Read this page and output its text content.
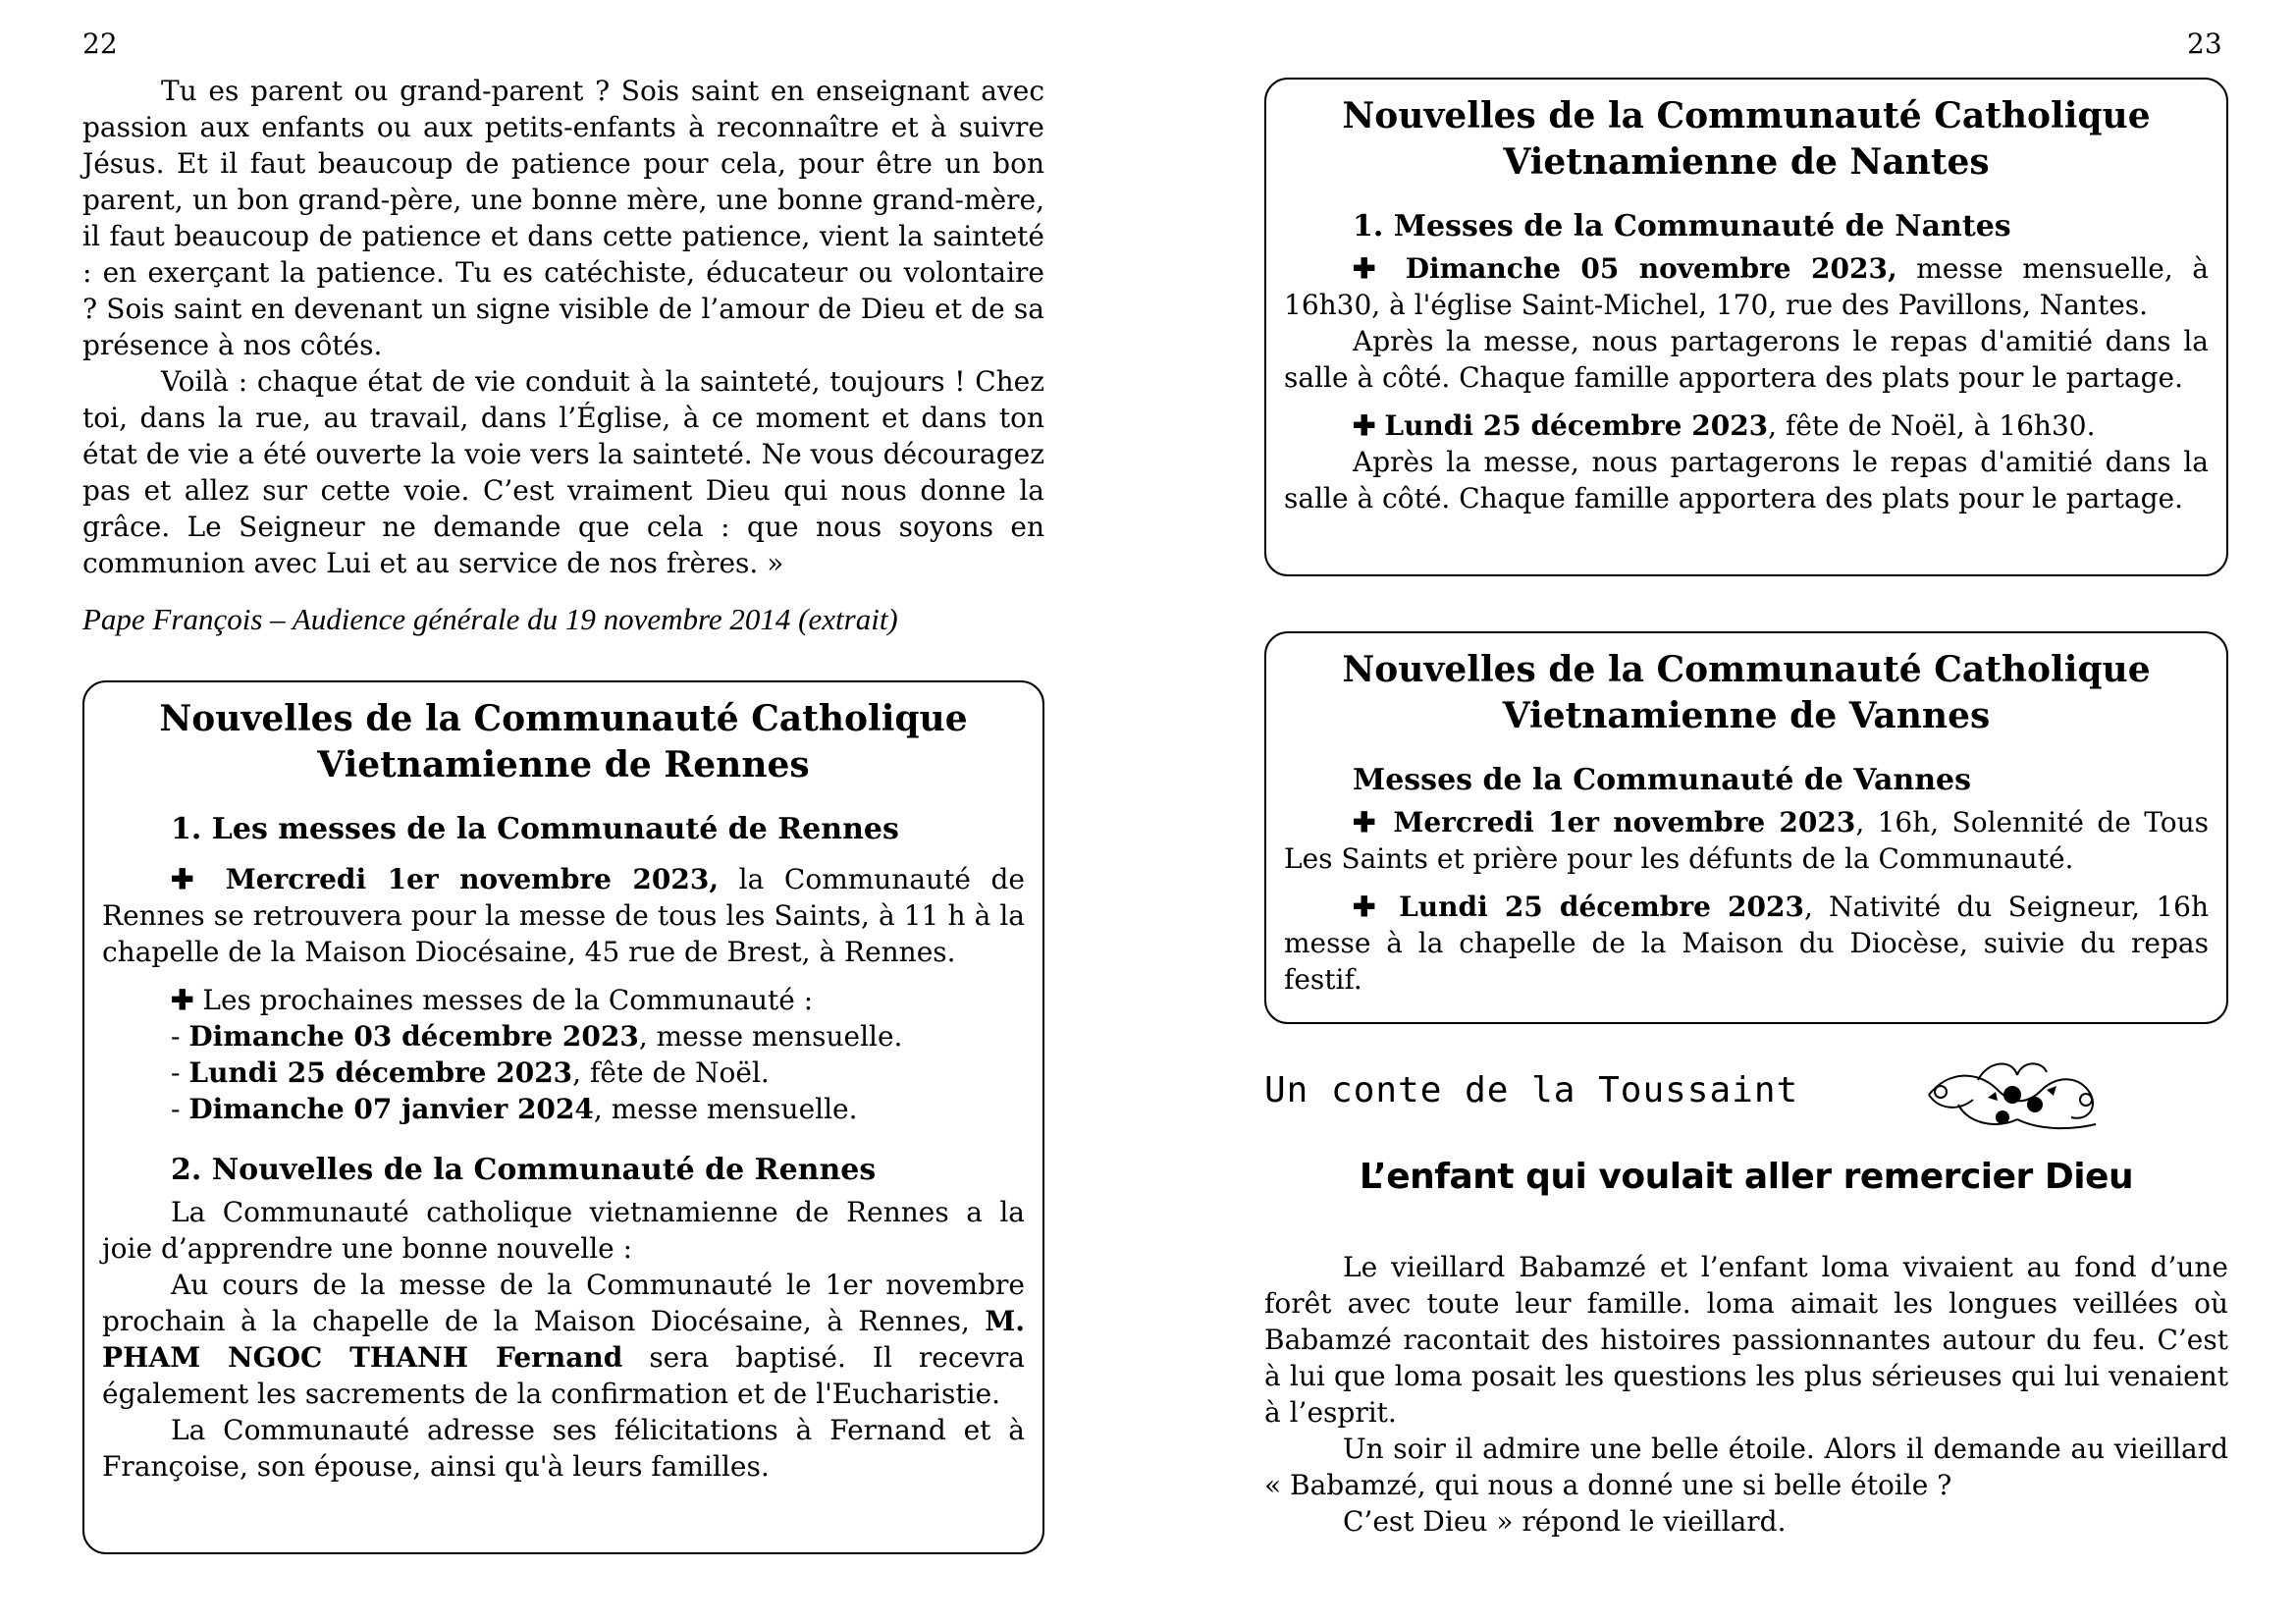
22	23

Tu es parent ou grand-parent ? Sois saint en enseignant avec passion aux enfants ou aux petits-enfants à reconnaître et à suivre Jésus. Et il faut beaucoup de patience pour cela, pour être un bon parent, un bon grand-père, une bonne mère, une bonne grand-mère, il faut beaucoup de patience et dans cette patience, vient la sainteté : en exerçant la patience. Tu es catéchiste, éducateur ou volontaire ? Sois saint en devenant un signe visible de l’amour de Dieu et de sa présence à nos côtés.

Voilà : chaque état de vie conduit à la sainteté, toujours ! Chez toi, dans la rue, au travail, dans l’Église, à ce moment et dans ton état de vie a été ouverte la voie vers la sainteté. Ne vous découragez pas et allez sur cette voie. C’est vraiment Dieu qui nous donne la grâce. Le Seigneur ne demande que cela : que nous soyons en communion avec Lui et au service de nos frères. »

Pape François – Audience générale du 19 novembre 2014 (extrait)

Nouvelles de la Communauté Catholique
Vietnamienne de Rennes
1. Les messes de la Communauté de Rennes

✚ Mercredi 1er novembre 2023, la Communauté de Rennes se retrouvera pour la messe de tous les Saints, à 11 h à la chapelle de la Maison Diocésaine, 45 rue de Brest, à Rennes.

✚ Les prochaines messes de la Communauté :

- Dimanche 03 décembre 2023, messe mensuelle.
- Lundi 25 décembre 2023, fête de Noël.
- Dimanche 07 janvier 2024, messe mensuelle.
2. Nouvelles de la Communauté de Rennes

La Communauté catholique vietnamienne de Rennes a la joie d’apprendre une bonne nouvelle :

Au cours de la messe de la Communauté le 1er novembre prochain à la chapelle de la Maison Diocésaine, à Rennes, M. PHAM NGOC THANH Fernand sera baptisé. Il recevra également les sacrements de la confirmation et de l'Eucharistie.

La Communauté adresse ses félicitations à Fernand et à Françoise, son épouse, ainsi qu'à leurs familles.

Nouvelles de la Communauté Catholique
Vietnamienne de Nantes
1. Messes de la Communauté de Nantes

✚ Dimanche 05 novembre 2023, messe mensuelle, à 16h30, à l'église Saint-Michel, 170, rue des Pavillons, Nantes.

Après la messe, nous partagerons le repas d'amitié dans la salle à côté. Chaque famille apportera des plats pour le partage.

✚ Lundi 25 décembre 2023, fête de Noël, à 16h30.

Après la messe, nous partagerons le repas d'amitié dans la salle à côté. Chaque famille apportera des plats pour le partage.

Nouvelles de la Communauté Catholique
Vietnamienne de Vannes
Messes de la Communauté de Vannes

✚ Mercredi 1er novembre 2023, 16h, Solennité de Tous Les Saints et prière pour les défunts de la Communauté.

✚ Lundi 25 décembre 2023, Nativité du Seigneur, 16h messe à la chapelle de la Maison du Diocèse, suivie du repas festif.

Un conte de la Toussaint
L’enfant qui voulait aller remercier Dieu

Le vieillard Babamzé et l’enfant loma vivaient au fond d’une forêt avec toute leur famille. loma aimait les longues veillées où Babamzé racontait des histoires passionnantes autour du feu. C’est à lui que loma posait les questions les plus sérieuses qui lui venaient à l’esprit.

Un soir il admire une belle étoile. Alors il demande au vieillard « Babamzé, qui nous a donné une si belle étoile ?

C’est Dieu » répond le vieillard.
